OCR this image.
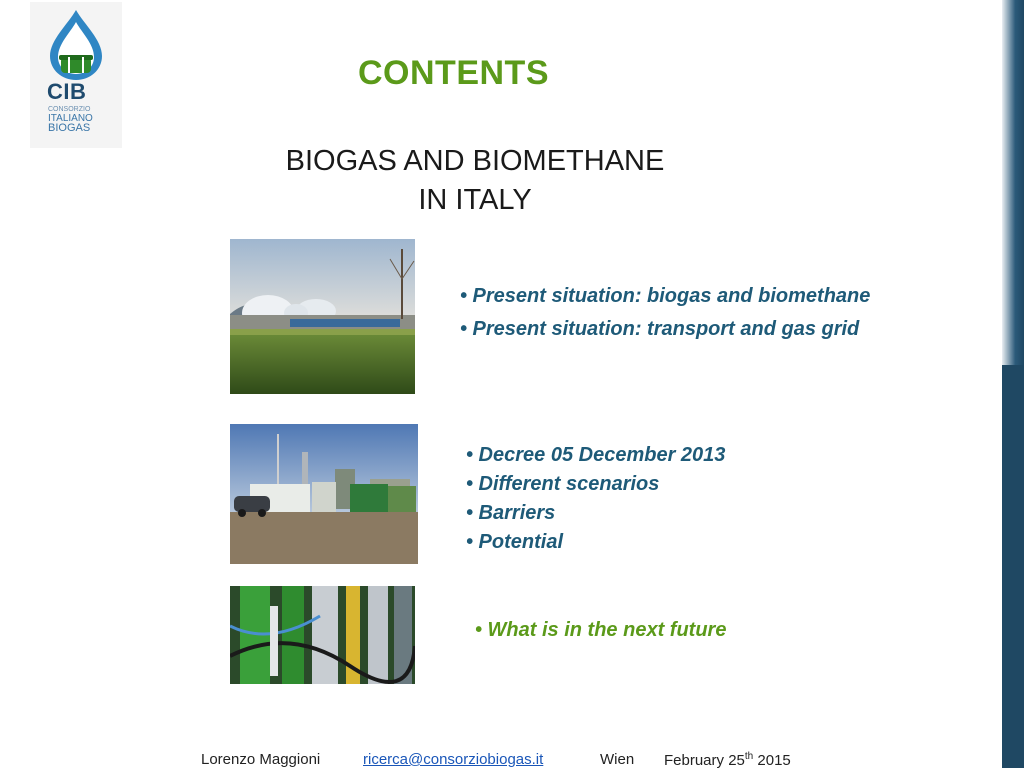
CIB
CONSORZIO
ITALIANO
BIOGAS
CONTENTS
BIOGAS AND BIOMETHANE
IN ITALY
• Present situation: biogas and biomethane
• Present situation: transport and gas grid
• Decree 05 December 2013
• Different scenarios
• Barriers
• Potential
• What is in the next future
Lorenzo Maggioni	ricerca@consorziobiogas.it	Wien February 25th 2015
